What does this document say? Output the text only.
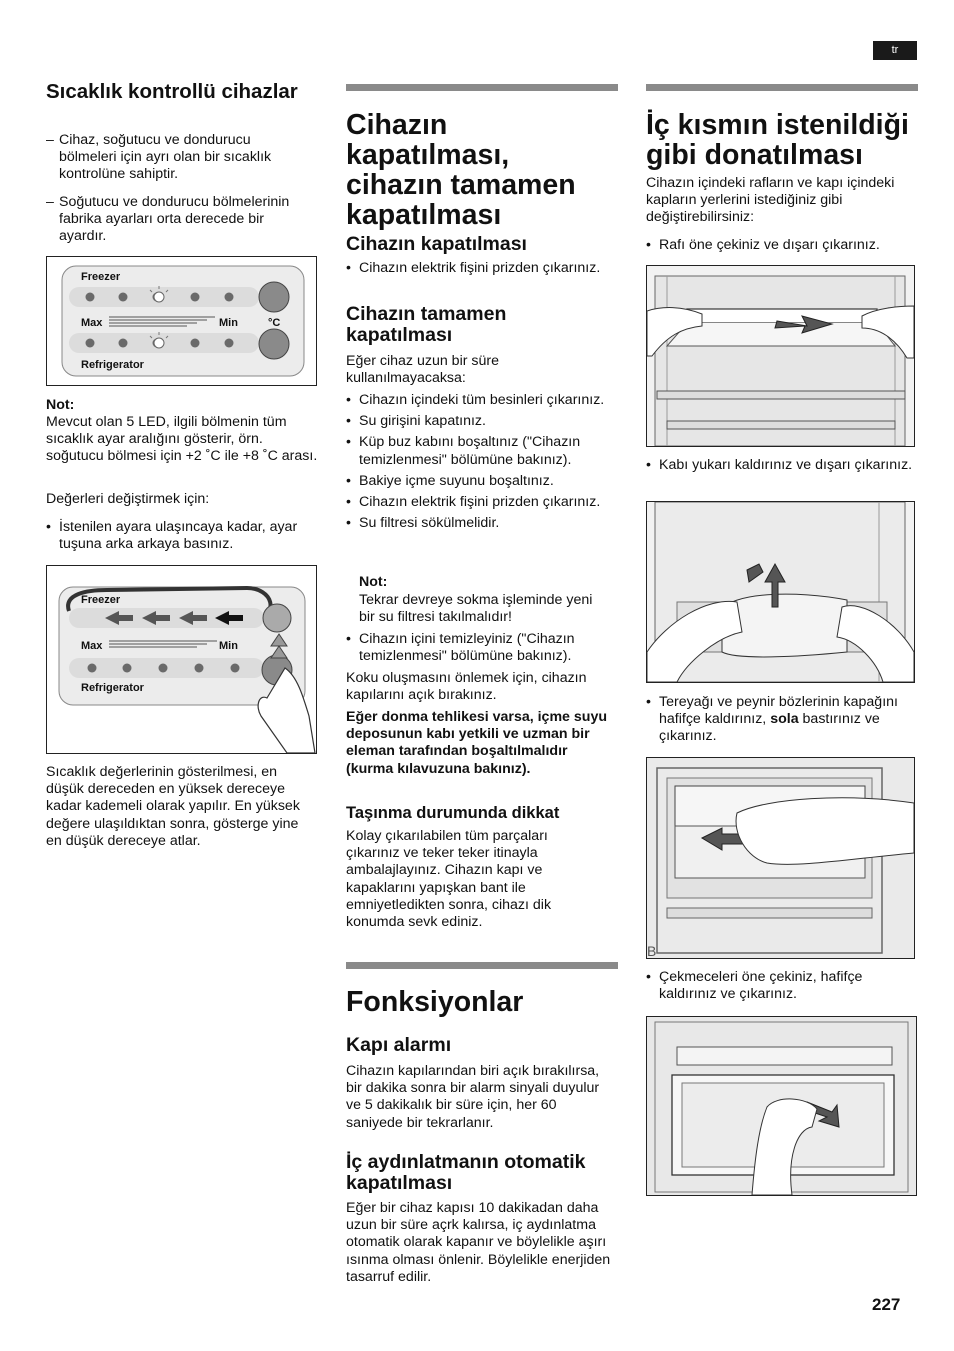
tr

Sıcaklık kontrollü cihazlar

– Cihaz, soğutucu ve dondurucu bölmeleri için ayrı olan bir sıcaklık kontrolüne sahiptir.
– Soğutucu ve dondurucu bölmelerinin fabrika ayarları orta derecede bir ayardır.
Freezer
Max	Min	°C
Refrigerator

Not:

Mevcut olan 5 LED, ilgili bölmenin tüm sıcaklık ayar aralığını gösterir, örn. soğutucu bölmesi için +2 ˚C ile +8 ˚C arası.

Değerleri değiştirmek için:

• İstenilen ayara ulaşıncaya kadar, ayar tuşuna arka arkaya basınız.
Freezer
Max	Min
Refrigerator

Sıcaklık değerlerinin gösterilmesi, en düşük dereceden en yüksek dereceye kadar kademeli olarak yapılır. En yüksek değere ulaşıldıktan sonra, gösterge yine en düşük dereceye atlar.

Cihazın kapatılması, cihazın tamamen kapatılması

Cihazın kapatılması

• Cihazın elektrik fişini prizden çıkarınız.

Cihazın tamamen kapatılması

Eğer cihaz uzun bir süre kullanılmayacaksa:

• Cihazın içindeki tüm besinleri çıkarınız.
• Su girişini kapatınız.
• Küp buz kabını boşaltınız ("Cihazın temizlenmesi" bölümüne bakınız).
• Bakiye içme suyunu boşaltınız.
• Cihazın elektrik fişini prizden çıkarınız.
• Su filtresi sökülmelidir.

Not:

Tekrar devreye sokma işleminde yeni bir su filtresi takılmalıdır!

• Cihazın içini temizleyiniz ("Cihazın temizlenmesi" bölümüne bakınız).

Koku oluşmasını önlemek için, cihazın kapılarını açık bırakınız.

Eğer donma tehlikesi varsa, içme suyu deposunun kabı yetkili ve uzman bir eleman tarafından boşaltılmalıdır (kurma kılavuzuna bakınız).

Taşınma durumunda dikkat

Kolay çıkarılabilen tüm parçaları çıkarınız ve teker teker itinayla ambalajlayınız. Cihazın kapı ve kapaklarını yapışkan bant ile emniyetledikten sonra, cihazı dik konumda sevk ediniz.

Fonksiyonlar

Kapı alarmı

Cihazın kapılarından biri açık bırakılırsa, bir dakika sonra bir alarm sinyali duyulur ve 5 dakikalık bir süre için, her 60 saniyede bir tekrarlanır.

İç aydınlatmanın otomatik kapatılması

Eğer bir cihaz kapısı 10 dakikadan daha uzun bir süre açrk kalırsa, iç aydınlatma otomatik olarak kapanır ve böylelikle aşırı ısınma olması önlenir. Böylelikle enerjiden tasarruf edilir.

İç kısmın istenildiği gibi donatılması

Cihazın içindeki rafların ve kapı içindeki kapların yerlerini istediğiniz gibi değiştirebilirsiniz:

• Rafı öne çekiniz ve dışarı çıkarınız.
• Kabı yukarı kaldırınız ve dışarı çıkarınız.
• Tereyağı ve peynir bözlerinin kapağını hafifçe kaldırınız, sola bastırınız ve çıkarınız.
B
• Çekmeceleri öne çekiniz, hafifçe kaldırınız ve çıkarınız.
227
